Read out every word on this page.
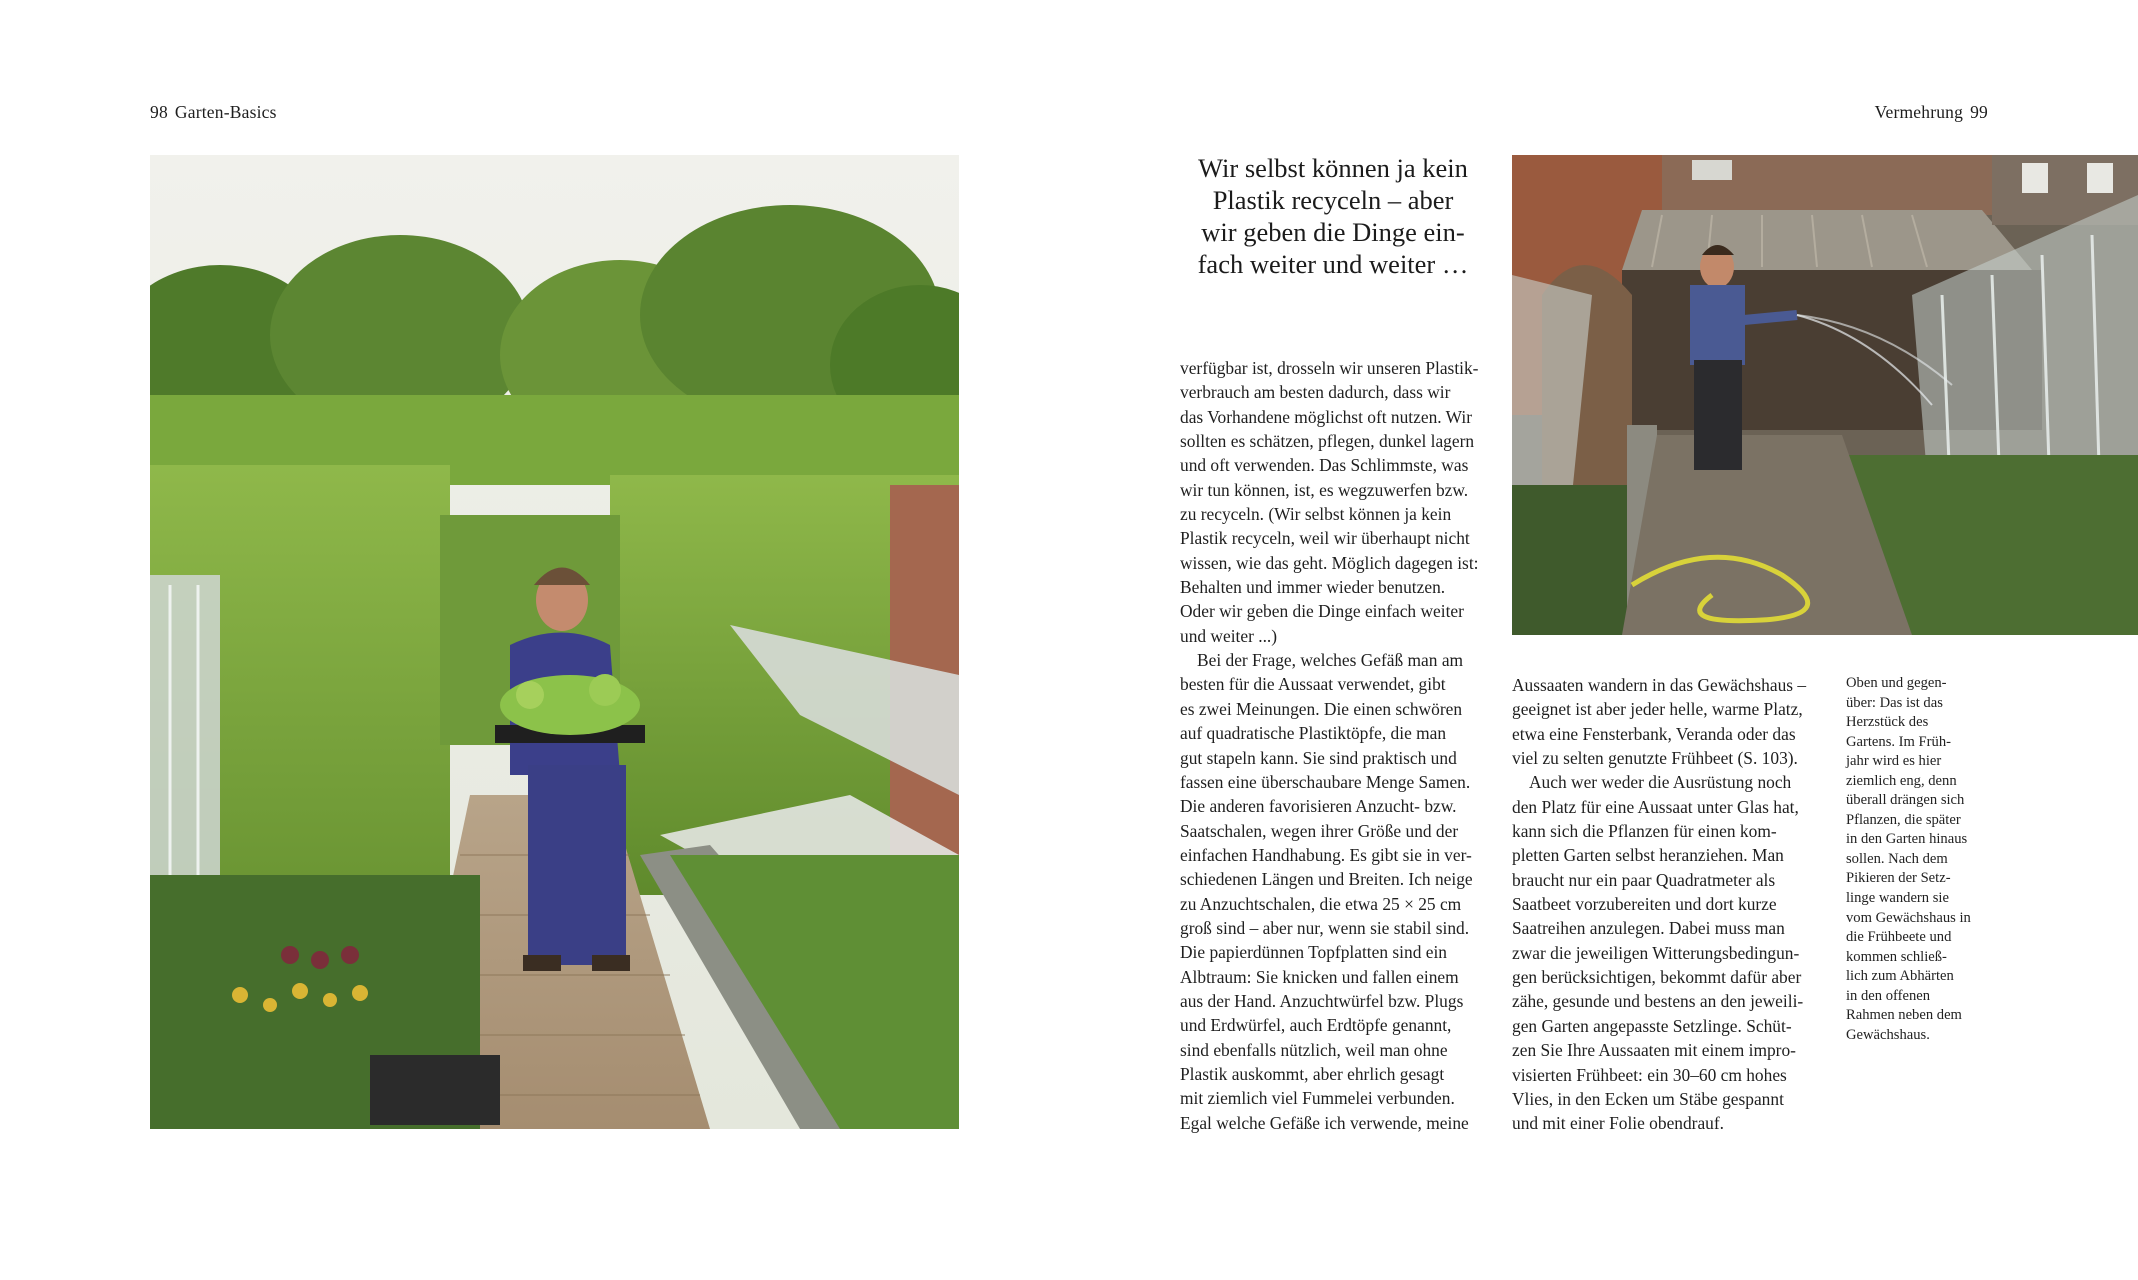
98 Garten-Basics	Vermehrung 99
Wir selbst können ja kein
Plastik recyceln – aber
wir geben die Dinge ein-
fach weiter und weiter …
verfügbar ist, drosseln wir unseren Plastik-
verbrauch am besten dadurch, dass wir
das Vorhandene möglichst oft nutzen. Wir
sollten es schätzen, pflegen, dunkel lagern
und oft verwenden. Das Schlimmste, was
wir tun können, ist, es wegzuwerfen bzw.
zu recyceln. (Wir selbst können ja kein
Plastik recyceln, weil wir überhaupt nicht
wissen, wie das geht. Möglich dagegen ist:
Behalten und immer wieder benutzen.
Oder wir geben die Dinge einfach weiter
und weiter ...)
Bei der Frage, welches Gefäß man am
besten für die Aussaat verwendet, gibt
es zwei Meinungen. Die einen schwören
auf quadratische Plastiktöpfe, die man
gut stapeln kann. Sie sind praktisch und
fassen eine überschaubare Menge Samen.
Die anderen favorisieren Anzucht- bzw.
Saatschalen, wegen ihrer Größe und der
einfachen Handhabung. Es gibt sie in ver-
schiedenen Längen und Breiten. Ich neige
zu Anzuchtschalen, die etwa 25 × 25 cm
groß sind – aber nur, wenn sie stabil sind.
Die papierdünnen Topfplatten sind ein
Albtraum: Sie knicken und fallen einem
aus der Hand. Anzuchtwürfel bzw. Plugs
und Erdwürfel, auch Erdtöpfe genannt,
sind ebenfalls nützlich, weil man ohne
Plastik auskommt, aber ehrlich gesagt
mit ziemlich viel Fummelei verbunden.
Egal welche Gefäße ich verwende, meine
Aussaaten wandern in das Gewächshaus –
geeignet ist aber jeder helle, warme Platz,
etwa eine Fensterbank, Veranda oder das
viel zu selten genutzte Frühbeet (S. 103).
Auch wer weder die Ausrüstung noch
den Platz für eine Aussaat unter Glas hat,
kann sich die Pflanzen für einen kom-
pletten Garten selbst heranziehen. Man
braucht nur ein paar Quadratmeter als
Saatbeet vorzubereiten und dort kurze
Saatreihen anzulegen. Dabei muss man
zwar die jeweiligen Witterungsbedingun-
gen berücksichtigen, bekommt dafür aber
zähe, gesunde und bestens an den jeweili-
gen Garten angepasste Setzlinge. Schüt-
zen Sie Ihre Aussaaten mit einem impro-
visierten Frühbeet: ein 30–60 cm hohes
Vlies, in den Ecken um Stäbe gespannt
und mit einer Folie obendrauf.
Oben und gegen-
über: Das ist das
Herzstück des
Gartens. Im Früh-
jahr wird es hier
ziemlich eng, denn
überall drängen sich
Pflanzen, die später
in den Garten hinaus
sollen. Nach dem
Pikieren der Setz-
linge wandern sie
vom Gewächshaus in
die Frühbeete und
kommen schließ-
lich zum Abhärten
in den offenen
Rahmen neben dem
Gewächshaus.
